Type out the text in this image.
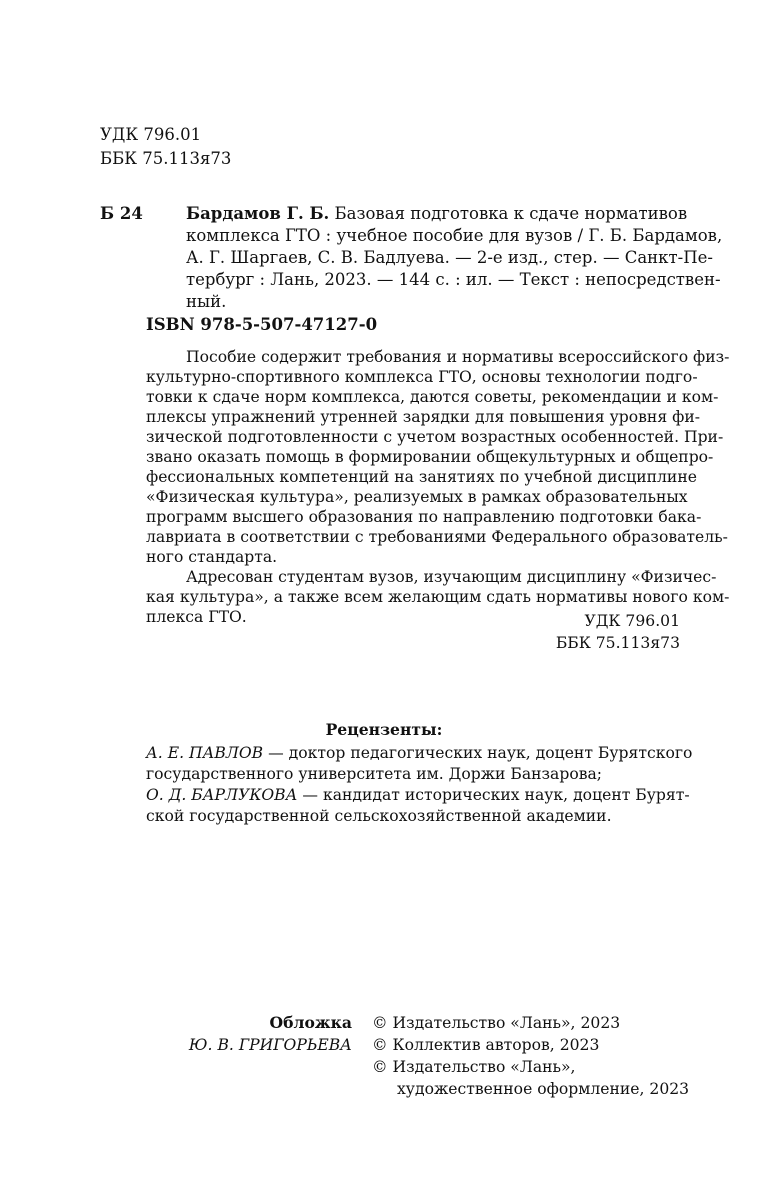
УДК 796.01
ББК 75.113я73
Б 24	Бардамов Г. Б. Базовая подготовка к сдаче нормативов
комплекса ГТО : учебное пособие для вузов / Г. Б. Бардамов,
А. Г. Шаргаев, С. В. Бадлуева. — 2-е изд., стер. — Санкт-Пе-
тербург : Лань, 2023. — 144 с. : ил. — Текст : непосредствен-
ный.
ISBN 978-5-507-47127-0
Пособие содержит требования и нормативы всероссийского физ-
культурно-спортивного комплекса ГТО, основы технологии подго-
товки к сдаче норм комплекса, даются советы, рекомендации и ком-
плексы упражнений утренней зарядки для повышения уровня фи-
зической подготовленности с учетом возрастных особенностей. При-
звано оказать помощь в формировании общекультурных и общепро-
фессиональных компетенций на занятиях по учебной дисциплине
«Физическая культура», реализуемых в рамках образовательных
программ высшего образования по направлению подготовки бака-
лавриата в соответствии с требованиями Федерального образователь-
ного стандарта.
Адресован студентам вузов, изучающим дисциплину «Физичес-
кая культура», а также всем желающим сдать нормативы нового ком-
плекса ГТО.	УДК 796.01
ББК 75.113я73
Рецензенты:
А. Е. ПАВЛОВ — доктор педагогических наук, доцент Бурятского
государственного университета им. Доржи Банзарова;
О. Д. БАРЛУКОВА — кандидат исторических наук, доцент Бурят-
ской государственной сельскохозяйственной академии.
Обложка
Ю. В. ГРИГОРЬЕВА
© Издательство «Лань», 2023
© Коллектив авторов, 2023
© Издательство «Лань»,
художественное оформление, 2023
